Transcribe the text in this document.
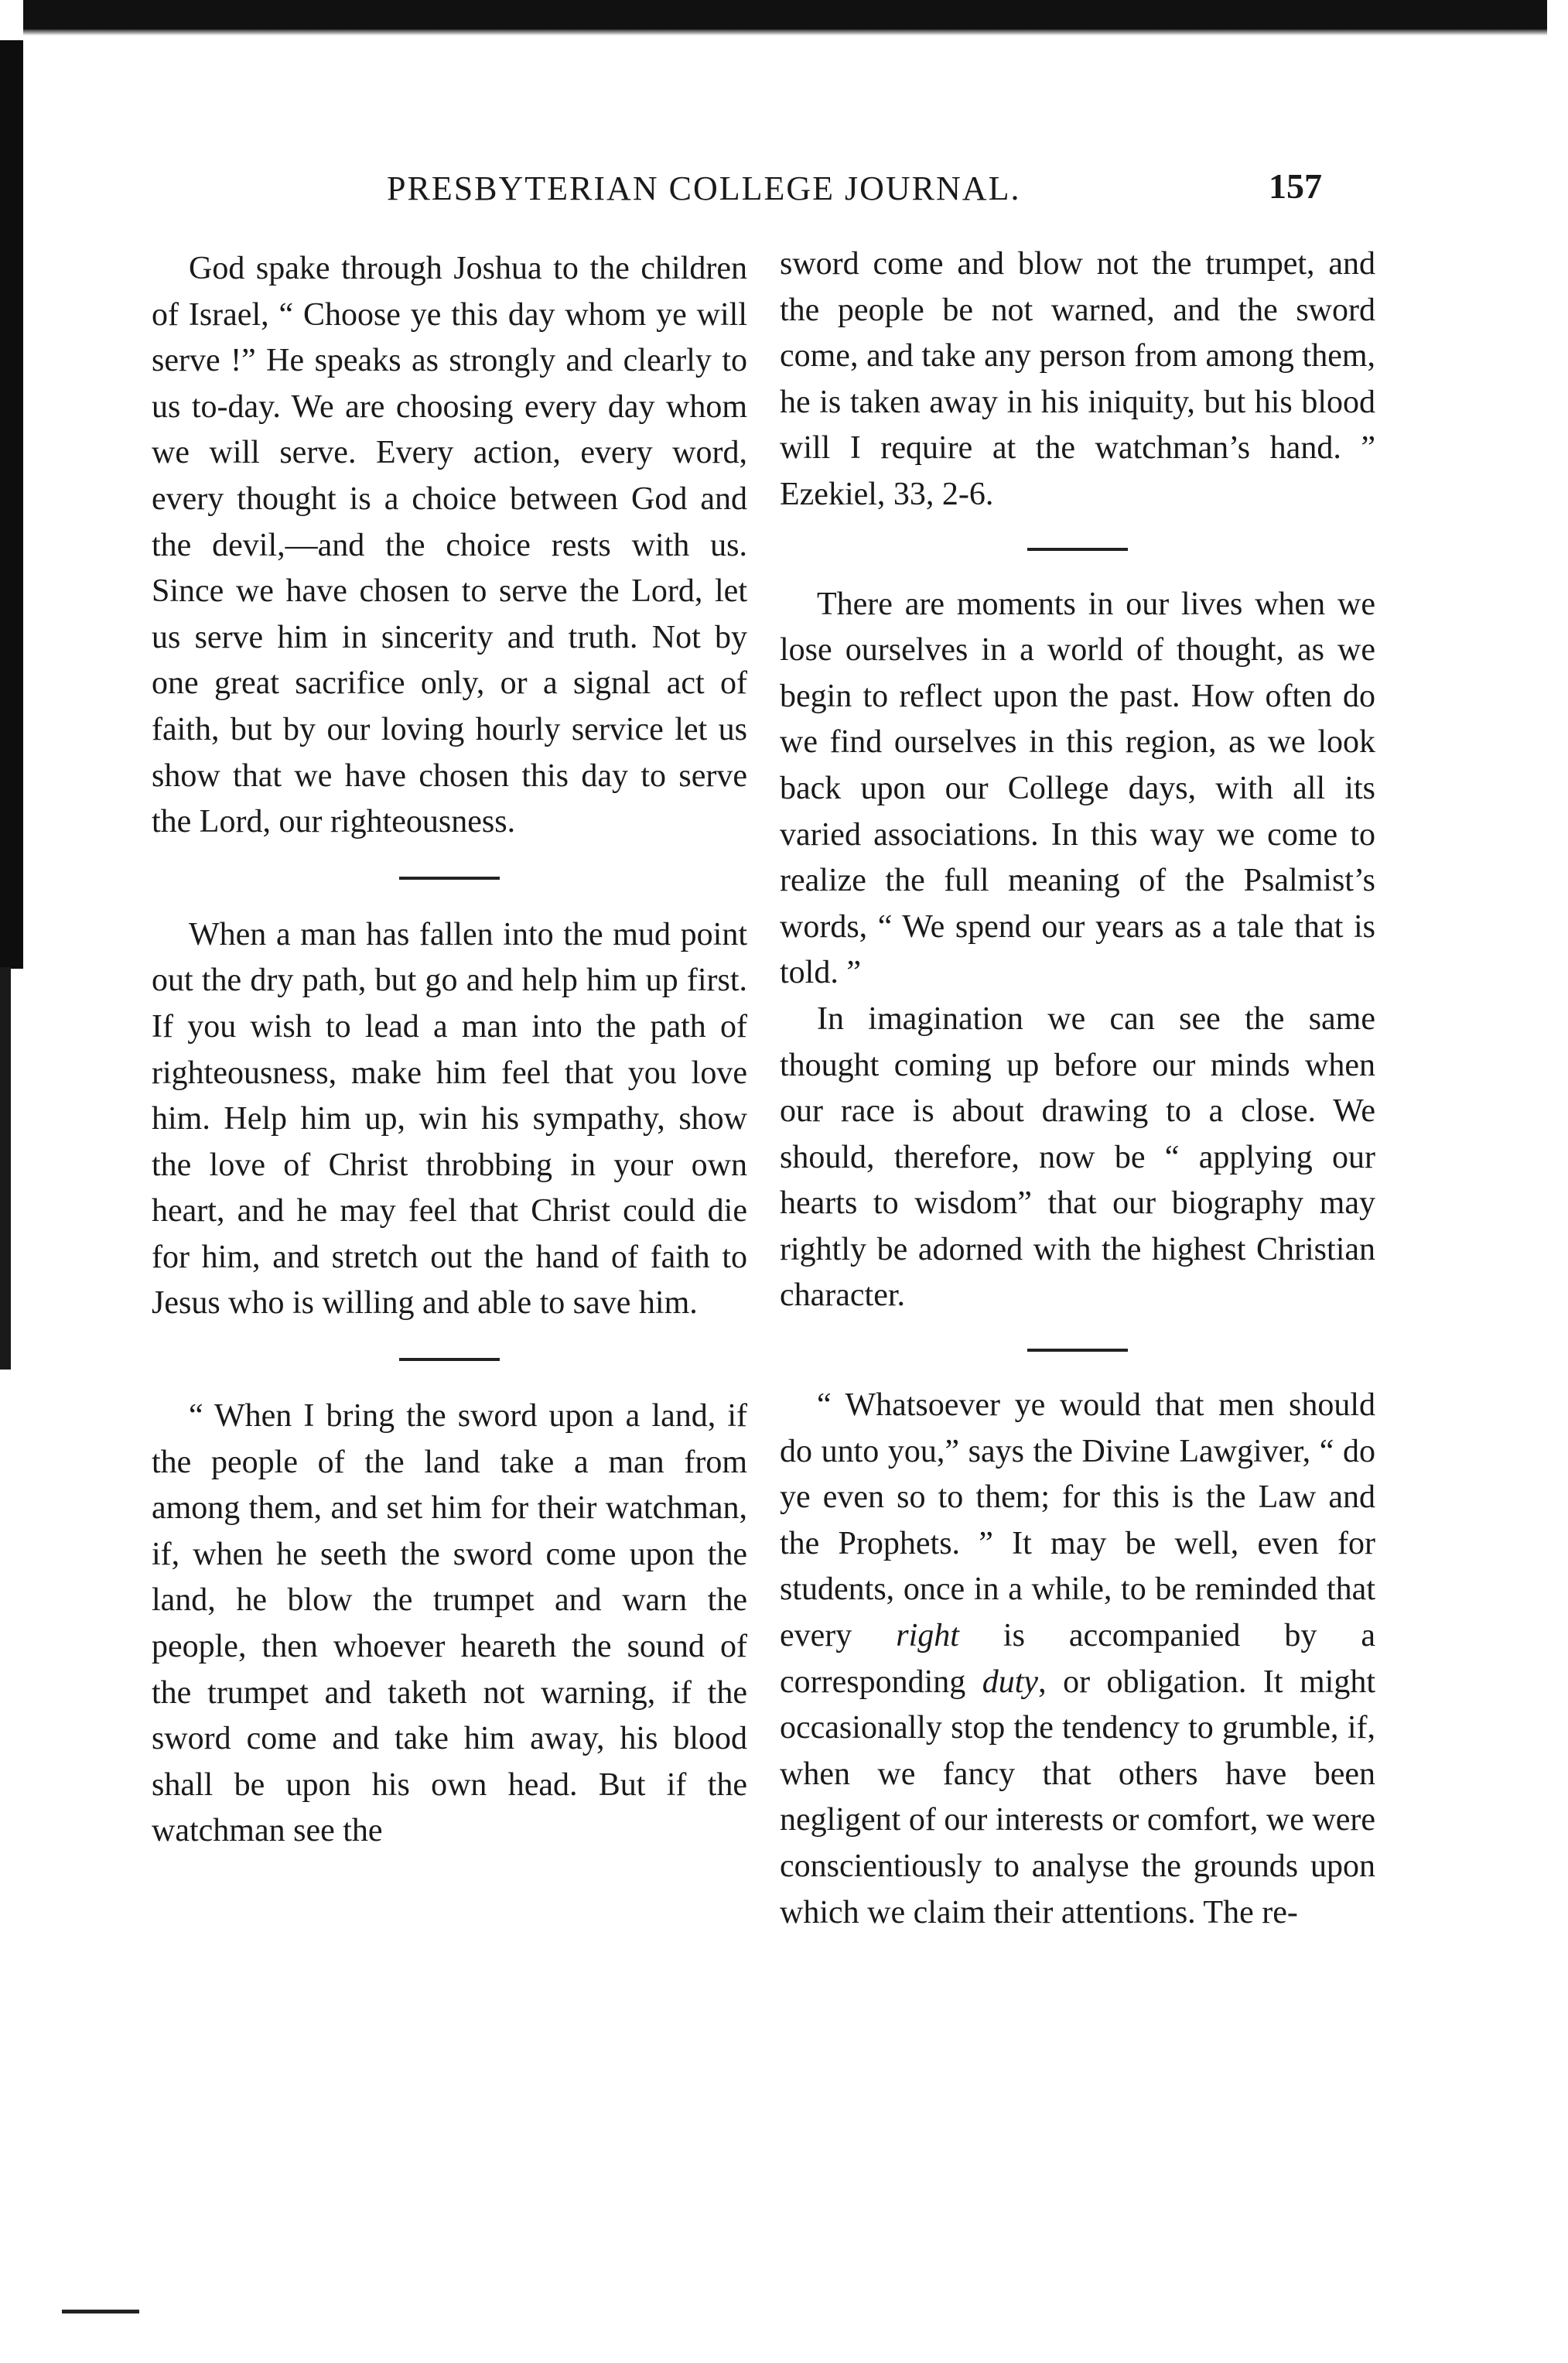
PRESBYTERIAN COLLEGE JOURNAL.	157

God spake through Joshua to the children of Israel, “ Choose ye this day whom ye will serve !” He speaks as strongly and clearly to us to-day. We are choosing every day whom we will serve. Every action, every word, every thought is a choice between God and the devil,—and the choice rests with us. Since we have chosen to serve the Lord, let us serve him in sincerity and truth. Not by one great sacrifice only, or a signal act of faith, but by our loving hourly service let us show that we have chosen this day to serve the Lord, our righteousness.

When a man has fallen into the mud point out the dry path, but go and help him up first. If you wish to lead a man into the path of righteousness, make him feel that you love him. Help him up, win his sympathy, show the love of Christ throbbing in your own heart, and he may feel that Christ could die for him, and stretch out the hand of faith to Jesus who is willing and able to save him.

“ When I bring the sword upon a land, if the people of the land take a man from among them, and set him for their watchman, if, when he seeth the sword come upon the land, he blow the trumpet and warn the people, then whoever heareth the sound of the trumpet and taketh not warning, if the sword come and take him away, his blood shall be upon his own head. But if the watchman see the

sword come and blow not the trumpet, and the people be not warned, and the sword come, and take any person from among them, he is taken away in his iniquity, but his blood will I require at the watchman’s hand. ” Ezekiel, 33, 2-6.

There are moments in our lives when we lose ourselves in a world of thought, as we begin to reflect upon the past. How often do we find ourselves in this region, as we look back upon our College days, with all its varied associations. In this way we come to realize the full meaning of the Psalmist’s words, “ We spend our years as a tale that is told. ”

In imagination we can see the same thought coming up before our minds when our race is about drawing to a close. We should, therefore, now be “ applying our hearts to wisdom” that our biography may rightly be adorned with the highest Christian character.

“ Whatsoever ye would that men should do unto you,” says the Divine Lawgiver, “ do ye even so to them; for this is the Law and the Prophets. ” It may be well, even for students, once in a while, to be reminded that every right is accompanied by a corresponding duty, or obligation. It might occasionally stop the tendency to grumble, if, when we fancy that others have been negligent of our interests or comfort, we were conscientiously to analyse the grounds upon which we claim their attentions. The re-
